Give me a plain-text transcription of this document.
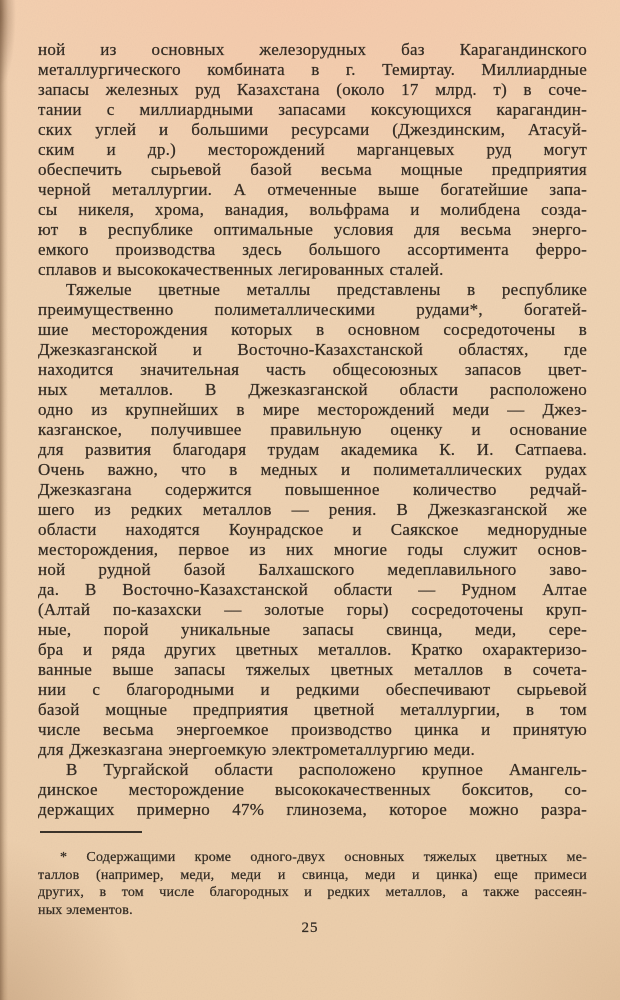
ной из основных железорудных баз Карагандинского
металлургического комбината в г. Темиртау. Миллиардные
запасы железных руд Казахстана (около 17 млрд. т) в соче-
тании с миллиардными запасами коксующихся карагандин-
ских углей и большими ресурсами (Джездинским, Атасуй-
ским и др.) месторождений марганцевых руд могут
обеспечить сырьевой базой весьма мощные предприятия
черной металлургии. А отмеченные выше богатейшие запа-
сы никеля, хрома, ванадия, вольфрама и молибдена созда-
ют в республике оптимальные условия для весьма энерго-
емкого производства здесь большого ассортимента ферро-
сплавов и высококачественных легированных сталей.
Тяжелые цветные металлы представлены в республике
преимущественно полиметаллическими рудами*, богатей-
шие месторождения которых в основном сосредоточены в
Джезказганской и Восточно-Казахстанской областях, где
находится значительная часть общесоюзных запасов цвет-
ных металлов. В Джезказганской области расположено
одно из крупнейших в мире месторождений меди — Джез-
казганское, получившее правильную оценку и основание
для развития благодаря трудам академика К. И. Сатпаева.
Очень важно, что в медных и полиметаллических рудах
Джезказгана содержится повышенное количество редчай-
шего из редких металлов — рения. В Джезказганской же
области находятся Коунрадское и Саякское меднорудные
месторождения, первое из них многие годы служит основ-
ной рудной базой Балхашского медеплавильного заво-
да. В Восточно-Казахстанской области — Рудном Алтае
(Алтай по-казахски — золотые горы) сосредоточены круп-
ные, порой уникальные запасы свинца, меди, сере-
бра и ряда других цветных металлов. Кратко охарактеризо-
ванные выше запасы тяжелых цветных металлов в сочета-
нии с благородными и редкими обеспечивают сырьевой
базой мощные предприятия цветной металлургии, в том
числе весьма энергоемкое производство цинка и принятую
для Джезказгана энергоемкую электрометаллургию меди.
В Тургайской области расположено крупное Амангель-
динское месторождение высококачественных бокситов, со-
держащих примерно 47% глинозема, которое можно разра-
* Содержащими кроме одного-двух основных тяжелых цветных ме-
таллов (например, меди, меди и свинца, меди и цинка) еще примеси
других, в том числе благородных и редких металлов, а также рассеян-
ных элементов.
25
